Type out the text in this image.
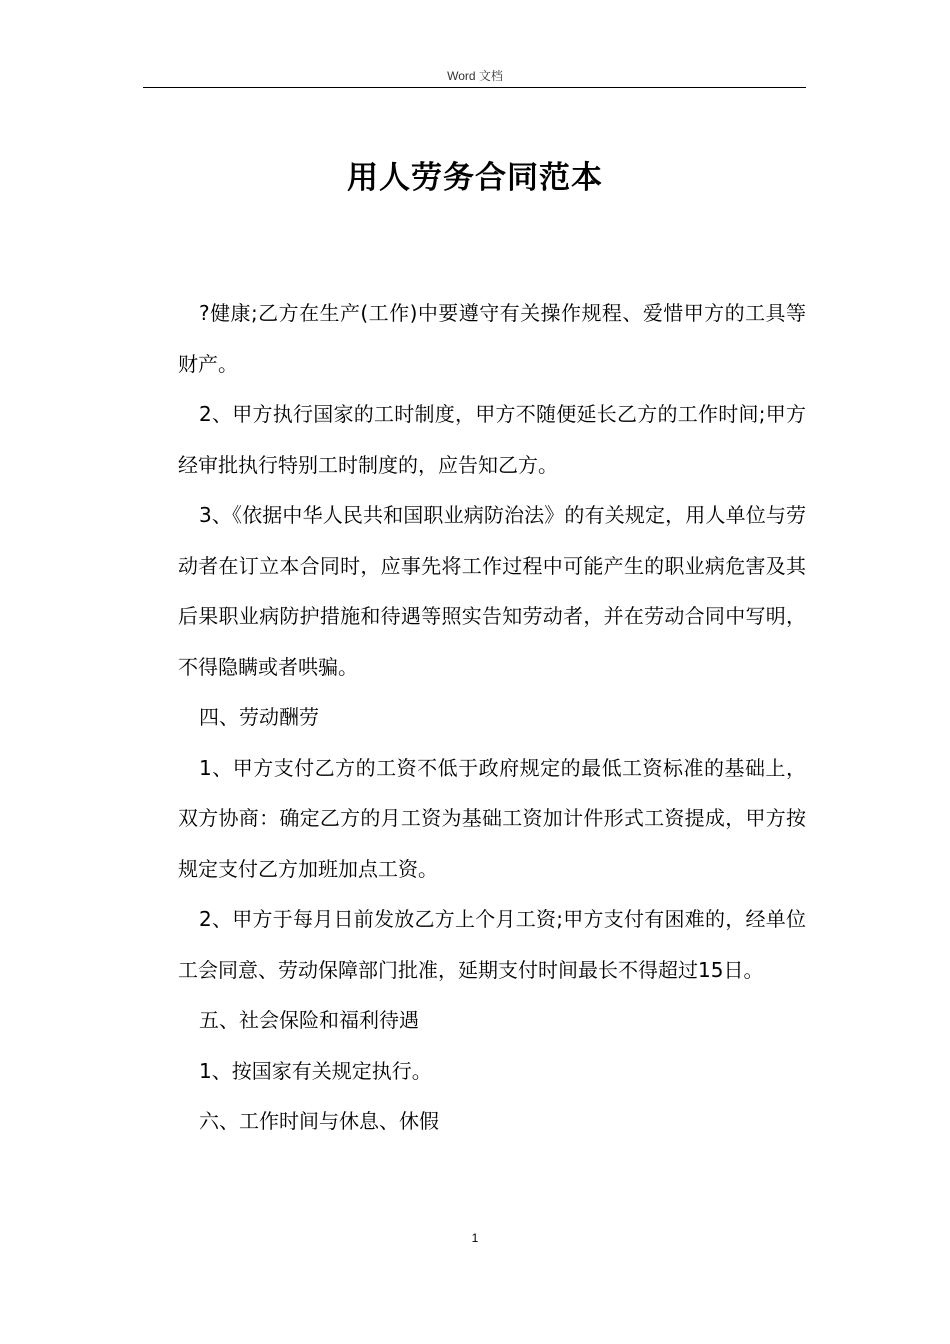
Word 文档
用人劳务合同范本

?健康;乙方在生产(工作)中要遵守有关操作规程、爱惜甲方的工具等财产。

2、甲方执行国家的工时制度，甲方不随便延长乙方的工作时间;甲方经审批执行特别工时制度的，应告知乙方。

3、《依据中华人民共和国职业病防治法》的有关规定，用人单位与劳动者在订立本合同时，应事先将工作过程中可能产生的职业病危害及其后果职业病防护措施和待遇等照实告知劳动者，并在劳动合同中写明，不得隐瞒或者哄骗。

四、劳动酬劳

1、甲方支付乙方的工资不低于政府规定的最低工资标准的基础上，双方协商：确定乙方的月工资为基础工资加计件形式工资提成，甲方按规定支付乙方加班加点工资。

2、甲方于每月日前发放乙方上个月工资;甲方支付有困难的，经单位工会同意、劳动保障部门批准，延期支付时间最长不得超过15日。

五、社会保险和福利待遇

1、按国家有关规定执行。

六、工作时间与休息、休假

1
